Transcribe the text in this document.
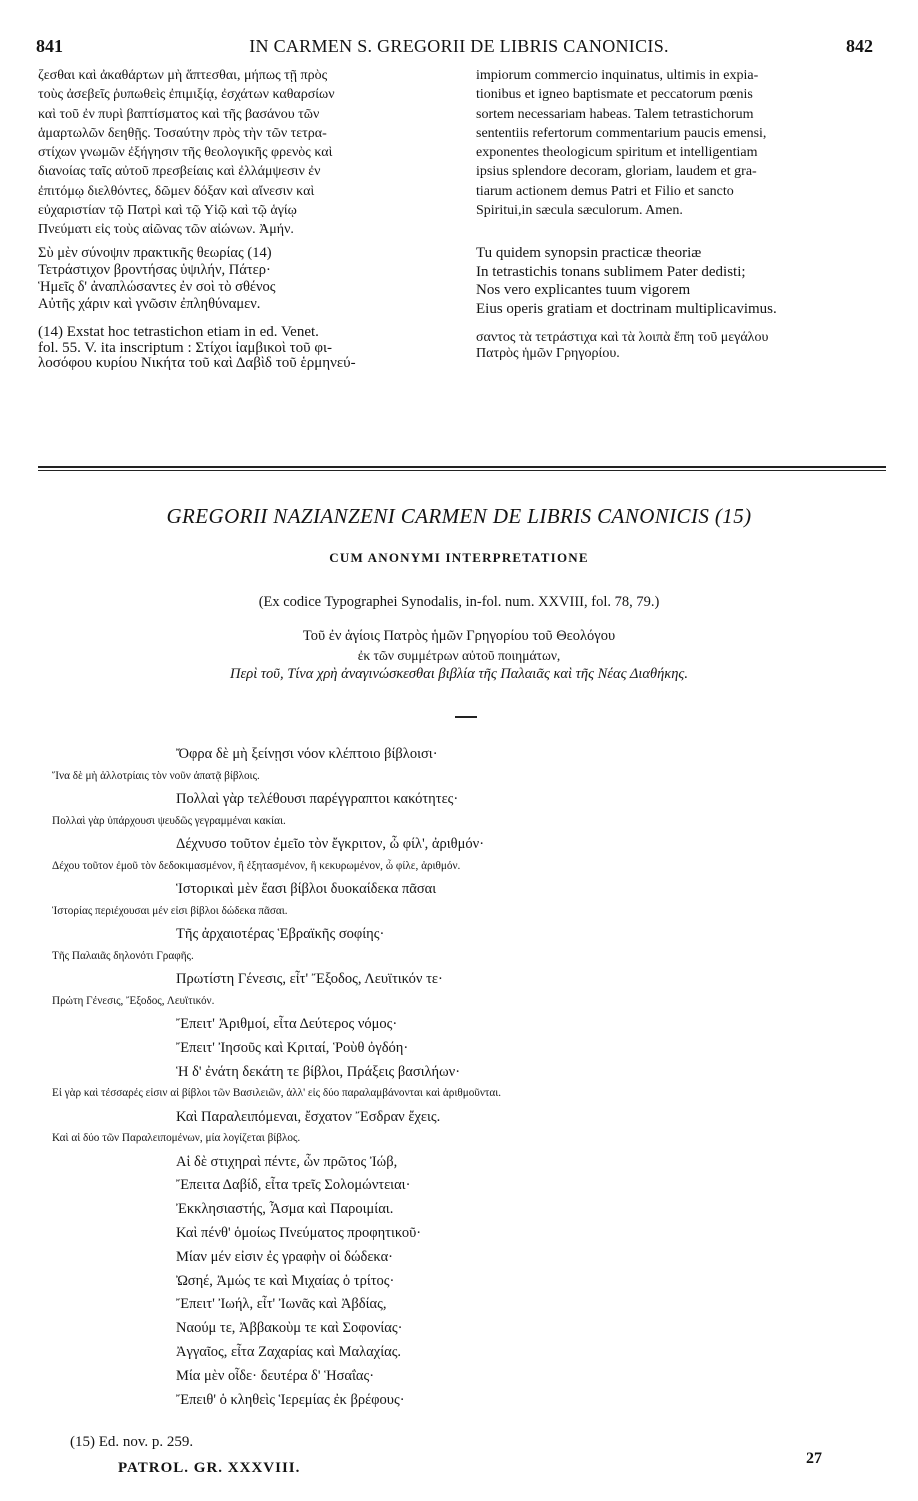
841	IN CARMEN S. GREGORII DE LIBRIS CANONICIS.	842
ζεσθαι καὶ ἀκαθάρτων μὴ ἅπτεσθαι, μήπως τῇ πρὸς
τοὺς ἀσεβεῖς ῥυπωθεὶς ἐπιμιξίᾳ, ἐσχάτων καθαρσίων
καὶ τοῦ ἐν πυρὶ βαπτίσματος καὶ τῆς βασάνου τῶν
ἁμαρτωλῶν δεηθῇς. Τοσαύτην πρὸς τὴν τῶν τετρα-
στίχων γνωμῶν ἐξήγησιν τῆς θεολογικῆς φρενὸς καὶ
διανοίας ταῖς αὐτοῦ πρεσβείαις καὶ ἐλλάμψεσιν ἐν
ἐπιτόμῳ διελθόντες, δῶμεν δόξαν καὶ αἴνεσιν καὶ
εὐχαριστίαν τῷ Πατρὶ καὶ τῷ Υἱῷ καὶ τῷ ἁγίῳ
Πνεύματι εἰς τοὺς αἰῶνας τῶν αἰώνων. Ἀμήν.
Σὺ μὲν σύνοψιν πρακτικῆς θεωρίας (14)
Τετράστιχον βροντήσας ὑψιλήν, Πάτερ·
Ἡμεῖς δ' ἀναπλώσαντες ἐν σοὶ τὸ σθένος
Αὐτῆς χάριν καὶ γνῶσιν ἐπληθύναμεν.
(14) Exstat hoc tetrastichon etiam in ed. Venet.
fol. 55. V. ita inscriptum : Στίχοι ἰαμβικοὶ τοῦ φι-
λοσόφου κυρίου Νικήτα τοῦ καὶ Δαβὶδ τοῦ ἑρμηνεύ-
impiorum commercio inquinatus, ultimis in expia-
tionibus et igneo baptismate et peccatorum pœnis
sortem necessariam habeas. Talem tetrastichorum
sententiis refertorum commentarium paucis emensi,
exponentes theologicum spiritum et intelligentiam
ipsius splendore decoram, gloriam, laudem et gra-
tiarum actionem demus Patri et Filio et sancto
Spiritui,in sæcula sæculorum. Amen.
Tu quidem synopsin practicæ theoriæ
In tetrastichis tonans sublimem Pater dedisti;
Nos vero explicantes tuum vigorem
Eius operis gratiam et doctrinam multiplicavimus.
σαντος τὰ τετράστιχα καὶ τὰ λοιπὰ ἔπη τοῦ μεγάλου
Πατρὸς ἡμῶν Γρηγορίου.
GREGORII NAZIANZENI CARMEN DE LIBRIS CANONICIS (15)
CUM ANONYMI INTERPRETATIONE
(Ex codice Typographei Synodalis, in-fol. num. XXVIII, fol. 78, 79.)
Τοῦ ἐν ἁγίοις Πατρὸς ἡμῶν Γρηγορίου τοῦ Θεολόγου
ἐκ τῶν συμμέτρων αὐτοῦ ποιημάτων,
Περὶ τοῦ, Τίνα χρὴ ἀναγινώσκεσθαι βιβλία τῆς Παλαιᾶς καὶ τῆς Νέας Διαθήκης.
Ὄφρα δὲ μὴ ξείνῃσι νόον κλέπτοιο βίβλοισι·
Ἵνα δὲ μὴ ἀλλοτρίαις τὸν νοῦν ἀπατᾷ βίβλοις.
Πολλαὶ γὰρ τελέθουσι παρέγγραπτοι κακότητες·
Πολλαὶ γὰρ ὑπάρχουσι ψευδῶς γεγραμμέναι κακίαι.
Δέχνυσο τοῦτον ἐμεῖο τὸν ἔγκριτον, ὦ φίλ', ἀριθμόν·
Δέχου τοῦτον ἐμοῦ τὸν δεδοκιμασμένον, ἢ ἐξητασμένον, ἢ κεκυρωμένον, ὦ φίλε, ἀριθμόν.
Ἱστορικαὶ μὲν ἔασι βίβλοι δυοκαίδεκα πᾶσαι
Ἱστορίας περιέχουσαι μέν εἰσι βίβλοι δώδεκα πᾶσαι.
Τῆς ἀρχαιοτέρας Ἑβραϊκῆς σοφίης·
Τῆς Παλαιᾶς δηλονότι Γραφῆς.
Πρωτίστη Γένεσις, εἶτ' Ἔξοδος, Λευϊτικόν τε·
Πρώτη Γένεσις, Ἔξοδος, Λευϊτικόν.
Ἔπειτ' Ἀριθμοί, εἶτα Δεύτερος νόμος·
Ἔπειτ' Ἰησοῦς καὶ Κριταί, Ῥοὺθ ὀγδόη·
Ἡ δ' ἐνάτη δεκάτη τε βίβλοι, Πράξεις βασιλήων·
Εἰ γὰρ καὶ τέσσαρές εἰσιν αἱ βίβλοι τῶν Βασιλειῶν, ἀλλ' εἰς δύο παραλαμβάνονται καὶ ἀριθμοῦνται.
Καὶ Παραλειπόμεναι, ἔσχατον Ἔσδραν ἔχεις.
Καὶ αἱ δύο τῶν Παραλειπομένων, μία λογίζεται βίβλος.
Αἱ δὲ στιχηραὶ πέντε, ὧν πρῶτος Ἰώβ,
Ἔπειτα Δαβίδ, εἶτα τρεῖς Σολομώντειαι·
Ἐκκλησιαστής, Ἆσμα καὶ Παροιμίαι.
Καὶ πένθ' ὁμοίως Πνεύματος προφητικοῦ·
Μίαν μέν εἰσιν ἐς γραφὴν οἱ δώδεκα·
Ὠσηέ, Ἀμώς τε καὶ Μιχαίας ὁ τρίτος·
Ἔπειτ' Ἰωήλ, εἶτ' Ἰωνᾶς καὶ Ἀβδίας,
Ναούμ τε, Ἀββακοὺμ τε καὶ Σοφονίας·
Ἀγγαῖος, εἶτα Ζαχαρίας καὶ Μαλαχίας.
Μία μὲν οἶδε· δευτέρα δ' Ἡσαΐας·
Ἔπειθ' ὁ κληθεὶς Ἱερεμίας ἐκ βρέφους·
(15) Ed. nov. p. 259.
PATROL. GR. XXXVIII.
27
